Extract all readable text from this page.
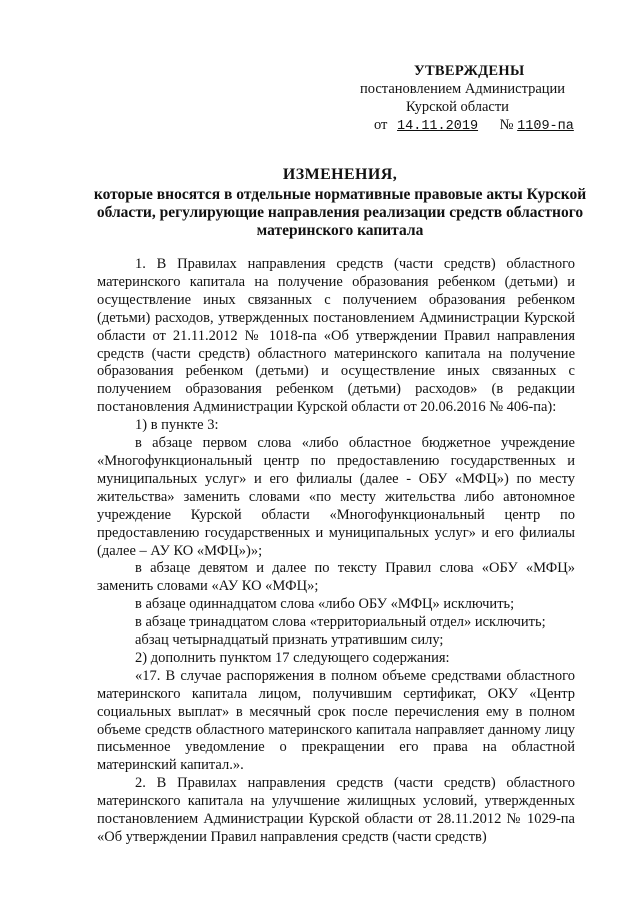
УТВЕРЖДЕНЫ
постановлением Администрации
Курской области
от 14.11.2019 № 1109-па
ИЗМЕНЕНИЯ,
которые вносятся в отдельные нормативные правовые акты Курской области, регулирующие направления реализации средств областного материнского капитала

1. В Правилах направления средств (части средств) областного материнского капитала на получение образования ребенком (детьми) и осуществление иных связанных с получением образования ребенком (детьми) расходов, утвержденных постановлением Администрации Курской области от 21.11.2012 № 1018-па «Об утверждении Правил направления средств (части средств) областного материнского капитала на получение образования ребенком (детьми) и осуществление иных связанных с получением образования ребенком (детьми) расходов» (в редакции постановления Администрации Курской области от 20.06.2016 № 406-па):

1) в пункте 3:

в абзаце первом слова «либо областное бюджетное учреждение «Многофункциональный центр по предоставлению государственных и муниципальных услуг» и его филиалы (далее - ОБУ «МФЦ») по месту жительства» заменить словами «по месту жительства либо автономное учреждение Курской области «Многофункциональный центр по предоставлению государственных и муниципальных услуг» и его филиалы (далее – АУ КО «МФЦ»)»;

в абзаце девятом и далее по тексту Правил слова «ОБУ «МФЦ» заменить словами «АУ КО «МФЦ»;

в абзаце одиннадцатом слова «либо ОБУ «МФЦ» исключить;

в абзаце тринадцатом слова «территориальный отдел» исключить;

абзац четырнадцатый признать утратившим силу;

2) дополнить пунктом 17 следующего содержания:

«17. В случае распоряжения в полном объеме средствами областного материнского капитала лицом, получившим сертификат, ОКУ «Центр социальных выплат» в месячный срок после перечисления ему в полном объеме средств областного материнского капитала направляет данному лицу письменное уведомление о прекращении его права на областной материнский капитал.».

2. В Правилах направления средств (части средств) областного материнского капитала на улучшение жилищных условий, утвержденных постановлением Администрации Курской области от 28.11.2012 № 1029-па «Об утверждении Правил направления средств (части средств)
